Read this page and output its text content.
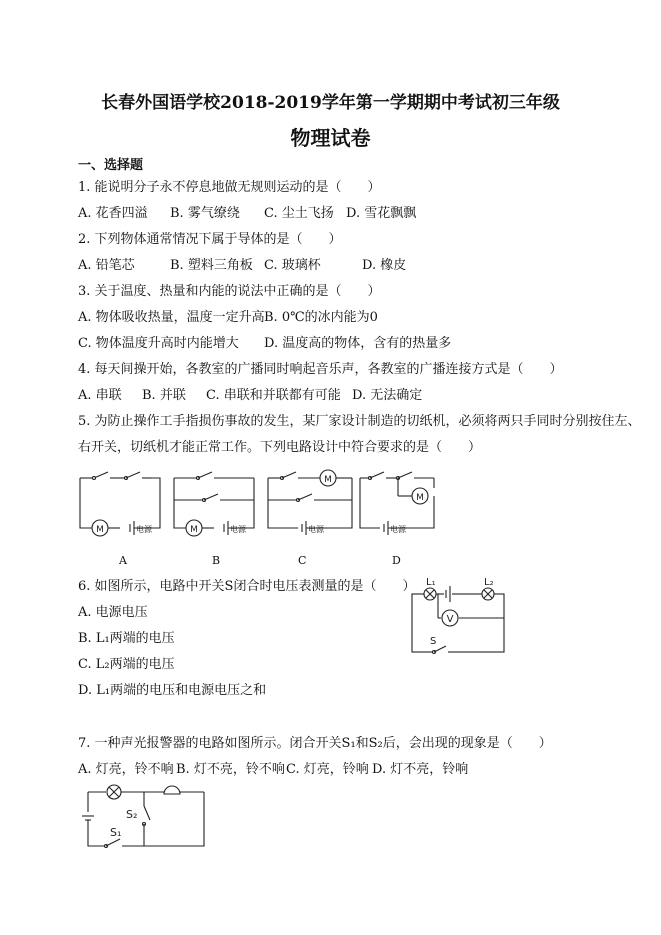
长春外国语学校2018-2019学年第一学期期中考试初三年级
物理试卷
一、选择题
1. 能说明分子永不停息地做无规则运动的是（　　）
A. 花香四溢 B. 雾气缭绕 C. 尘土飞扬 D. 雪花飘飘
2. 下列物体通常情况下属于导体的是（　　）
A. 铅笔芯	B. 塑料三角板 C. 玻璃杯	D. 橡皮
3. 关于温度、热量和内能的说法中正确的是（　　）
A. 物体吸收热量，温度一定升高 B. 0℃的冰内能为0
C. 物体温度升高时内能增大 D. 温度高的物体，含有的热量多
4. 每天间操开始，各教室的广播同时响起音乐声，各教室的广播连接方式是（　　）
A. 串联 B. 并联 C. 串联和并联都有可能 D. 无法确定
5. 为防止操作工手指损伤事故的发生，某厂家设计制造的切纸机，必须将两只手同时分别按住左、
右开关，切纸机才能正常工作。下列电路设计中符合要求的是（　　）
M	电源	M	电源
M
电源
M
电源
A	B	C	D
6. 如图所示，电路中开关S闭合时电压表测量的是（　　）
A. 电源电压
B. L₁两端的电压
C. L₂两端的电压
D. L₁两端的电压和电源电压之和
L₁	L₂
V
S
7. 一种声光报警器的电路如图所示。闭合开关S₁和S₂后，会出现的现象是（　　）
A. 灯亮，铃不响 B. 灯不亮，铃不响 C. 灯亮，铃响 D. 灯不亮，铃响
S₂
S₁
